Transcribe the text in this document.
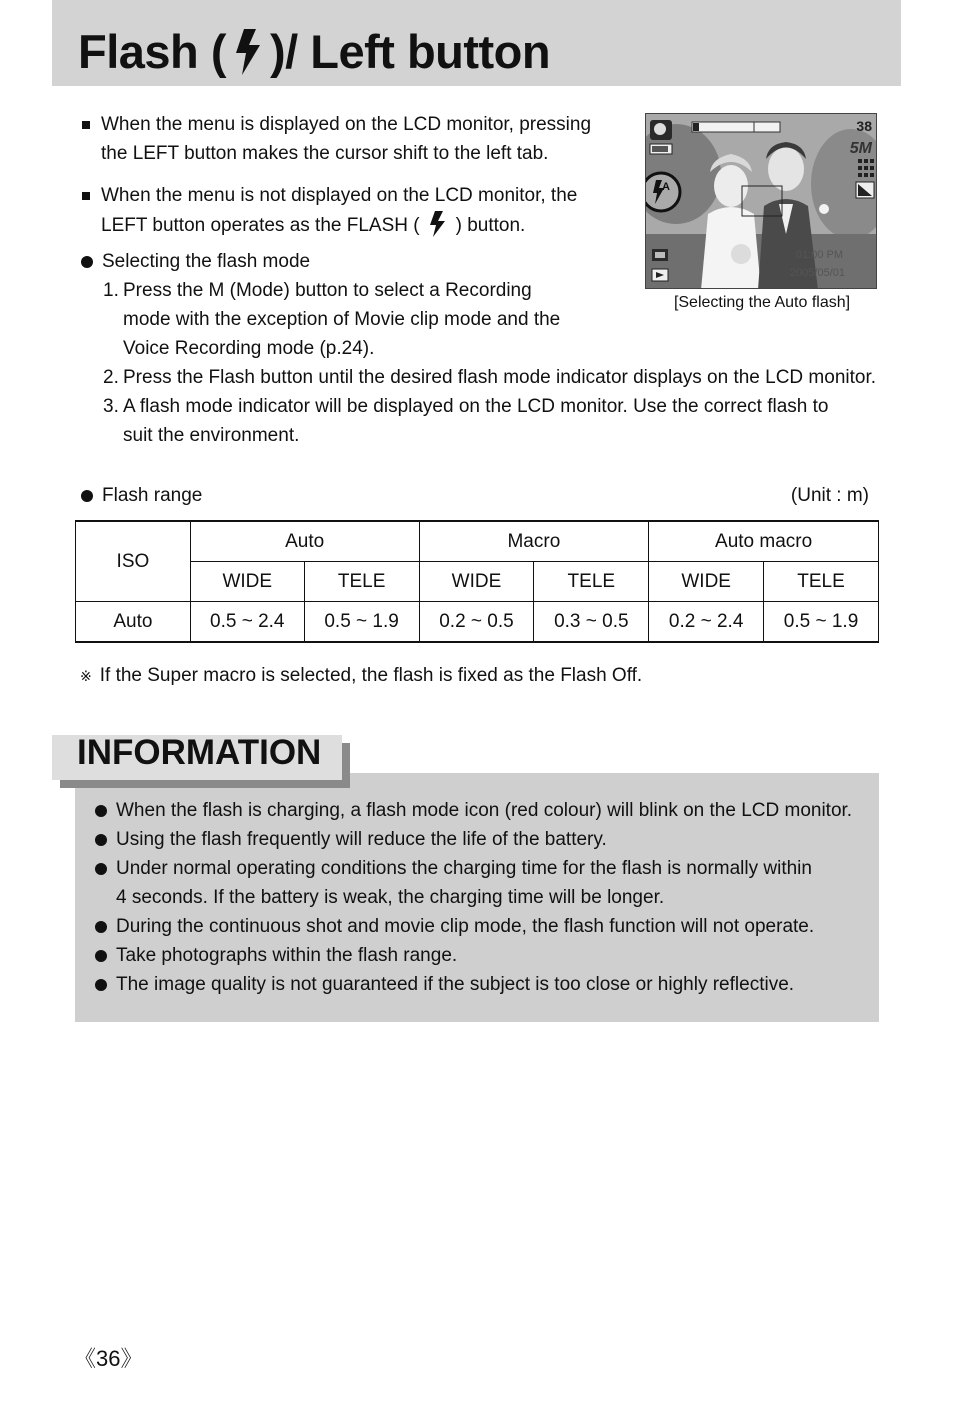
Flash ( )/ Left button
When the menu is displayed on the LCD monitor, pressing the LEFT button makes the cursor shift to the left tab.
When the menu is not displayed on the LCD monitor, the LEFT button operates as the FLASH ( ) button.
Selecting the flash mode
1. Press the M (Mode) button to select a Recording mode with the exception of Movie clip mode and the Voice Recording mode (p.24).
2. Press the Flash button until the desired flash mode indicator displays on the LCD monitor.
3. A flash mode indicator will be displayed on the LCD monitor. Use the correct flash to suit the environment.
A
38
5M
01:00 PM
2005/05/01
[Selecting the Auto flash]
Flash range	(Unit : m)
ISO	Auto		Macro		Auto macro	
	WIDE	TELE	WIDE	TELE	WIDE	TELE
Auto	0.5 ~ 2.4	0.5 ~ 1.9	0.2 ~ 0.5	0.3 ~ 0.5	0.2 ~ 2.4	0.5 ~ 1.9
※ If the Super macro is selected, the flash is fixed as the Flash Off.
INFORMATION
When the flash is charging, a flash mode icon (red colour) will blink on the LCD monitor.
Using the flash frequently will reduce the life of the battery.
Under normal operating conditions the charging time for the flash is normally within 4 seconds. If the battery is weak, the charging time will be longer.
During the continuous shot and movie clip mode, the flash function will not operate.
Take photographs within the flash range.
The image quality is not guaranteed if the subject is too close or highly reflective.
《36》
